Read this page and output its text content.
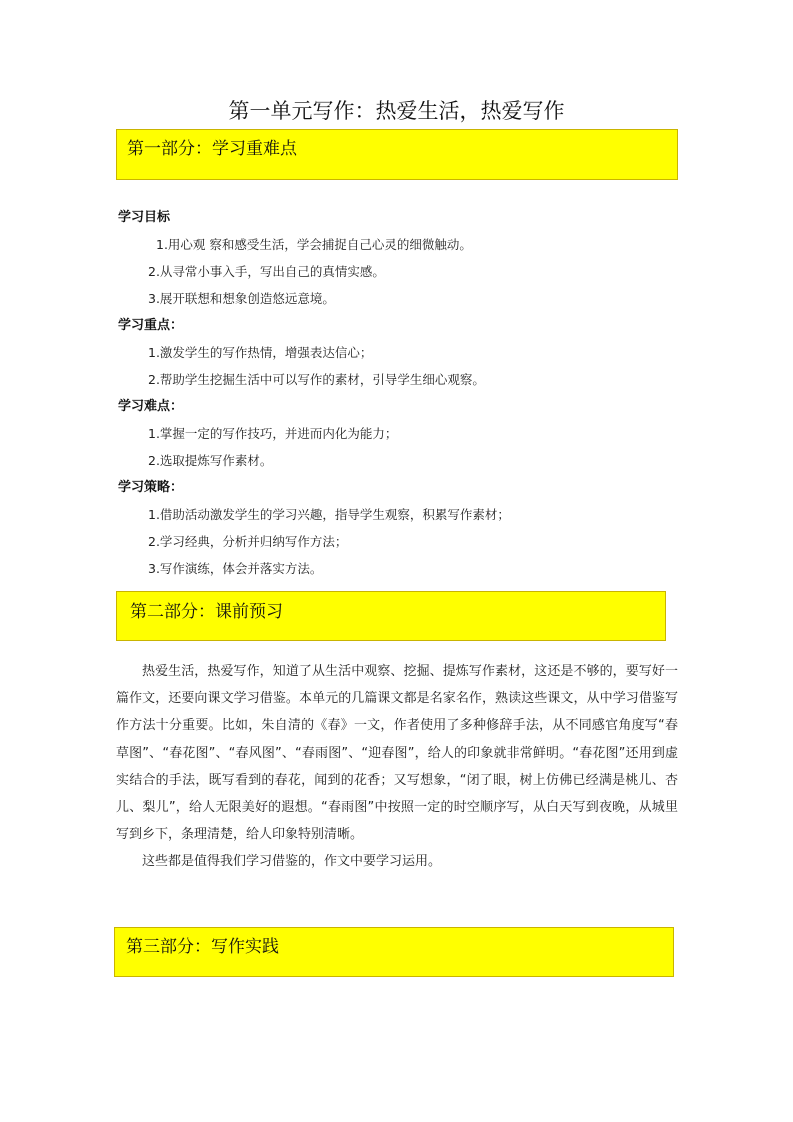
第一单元写作：热爱生活，热爱写作
第一部分：学习重难点
学习目标
1.用心观 察和感受生活，学会捕捉自己心灵的细微触动。
2.从寻常小事入手，写出自己的真情实感。
3.展开联想和想象创造悠远意境。
学习重点：
1.激发学生的写作热情，增强表达信心；
2.帮助学生挖掘生活中可以写作的素材，引导学生细心观察。
学习难点：
1.掌握一定的写作技巧，并进而内化为能力；
2.选取提炼写作素材。
学习策略：
1.借助活动激发学生的学习兴趣，指导学生观察，积累写作素材；
2.学习经典，分析并归纳写作方法；
3.写作演练，体会并落实方法。
第二部分：课前预习

热爱生活，热爱写作，知道了从生活中观察、挖掘、提炼写作素材，这还是不够的，要写好一篇作文，还要向课文学习借鉴。本单元的几篇课文都是名家名作，熟读这些课文，从中学习借鉴写作方法十分重要。比如，朱自清的《春》一文，作者使用了多种修辞手法，从不同感官角度写“春草图”、“春花图”、“春风图”、“春雨图”、“迎春图”，给人的印象就非常鲜明。“春花图”还用到虚实结合的手法，既写看到的春花，闻到的花香；又写想象，“闭了眼，树上仿佛已经满是桃儿、杏儿、梨儿”，给人无限美好的遐想。“春雨图”中按照一定的时空顺序写，从白天写到夜晚，从城里写到乡下，条理清楚，给人印象特别清晰。

这些都是值得我们学习借鉴的，作文中要学习运用。

第三部分：写作实践
